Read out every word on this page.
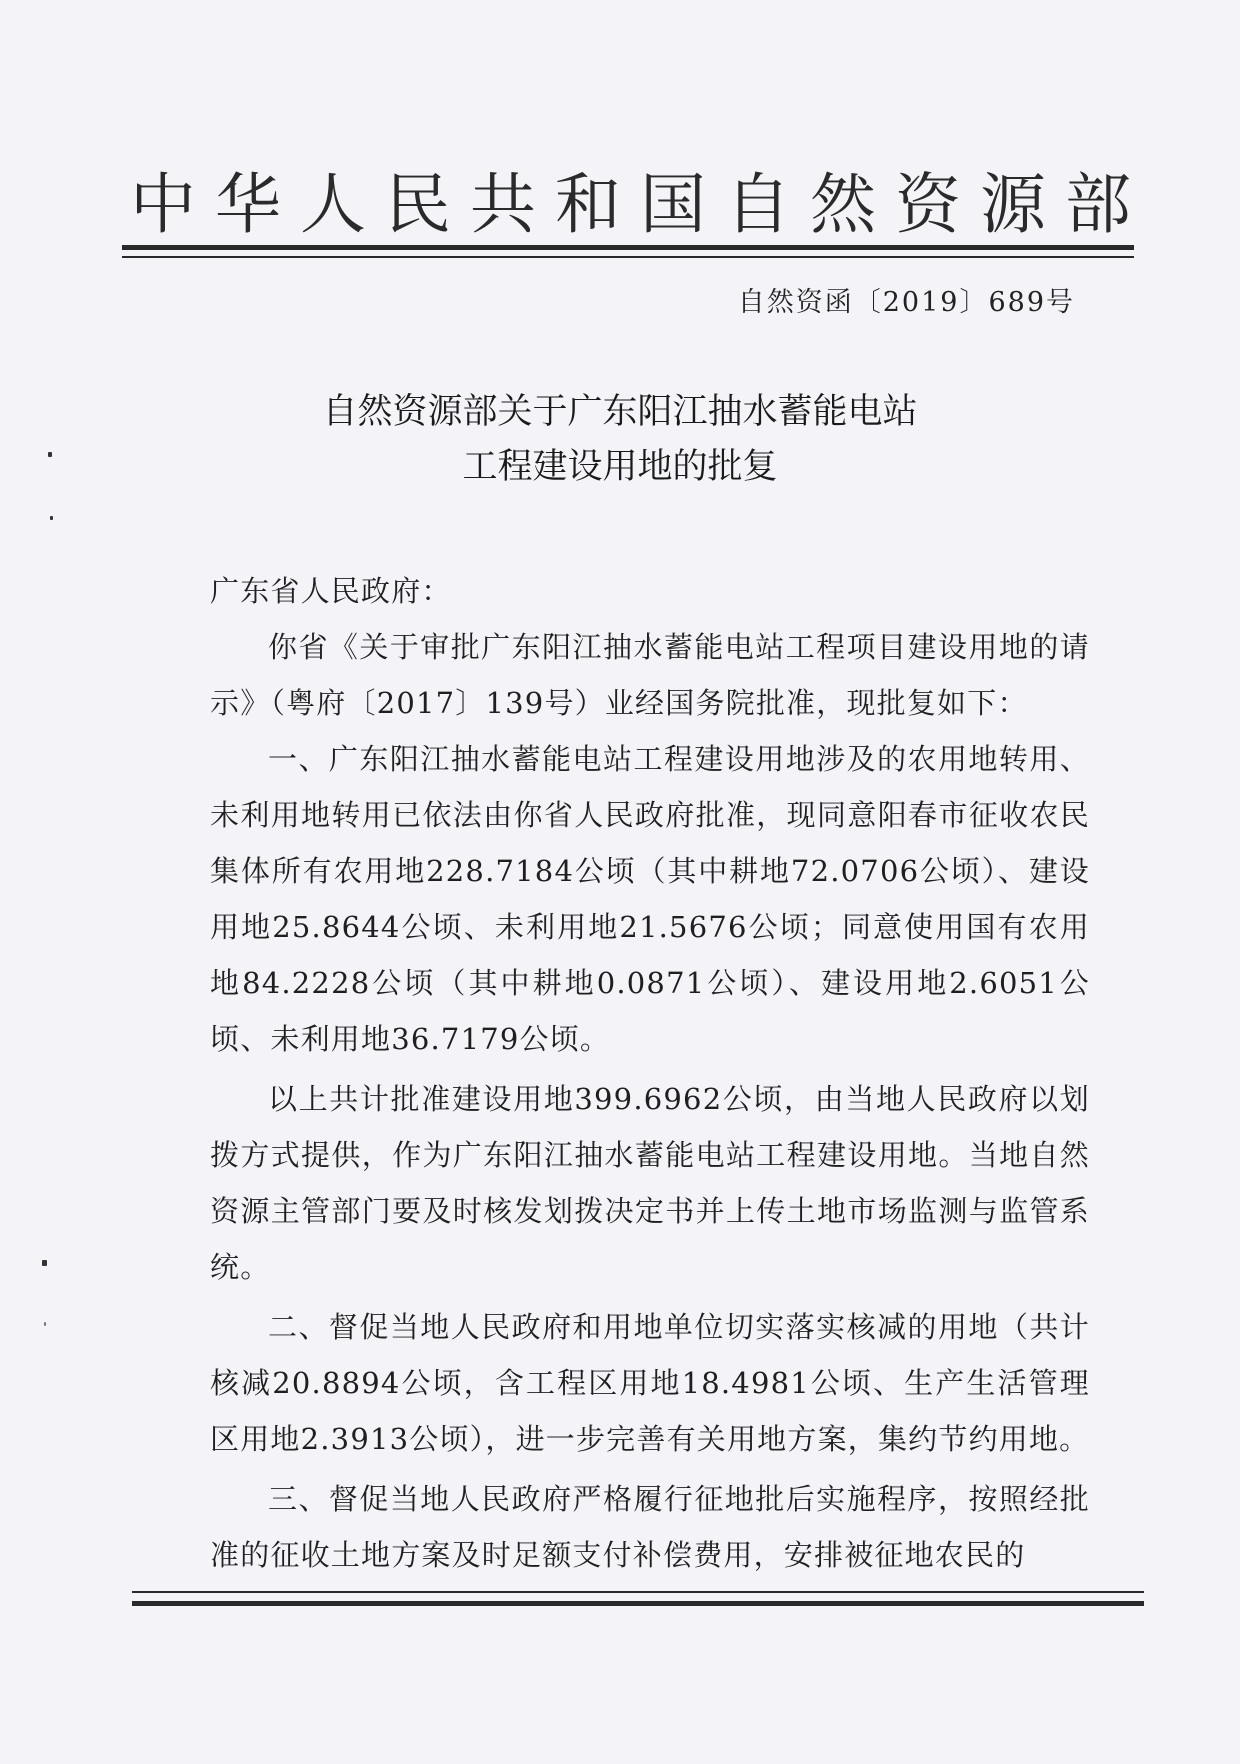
中华人民共和国自然资源部
自然资函〔2019〕689号
自然资源部关于广东阳江抽水蓄能电站
工程建设用地的批复

广东省人民政府：

你省《关于审批广东阳江抽水蓄能电站工程项目建设用地的请示》（粤府〔2017〕139号）业经国务院批准，现批复如下：

一、广东阳江抽水蓄能电站工程建设用地涉及的农用地转用、未利用地转用已依法由你省人民政府批准，现同意阳春市征收农民集体所有农用地228.7184公顷（其中耕地72.0706公顷）、建设用地25.8644公顷、未利用地21.5676公顷；同意使用国有农用地84.2228公顷（其中耕地0.0871公顷）、建设用地2.6051公顷、未利用地36.7179公顷。

以上共计批准建设用地399.6962公顷，由当地人民政府以划拨方式提供，作为广东阳江抽水蓄能电站工程建设用地。当地自然资源主管部门要及时核发划拨决定书并上传土地市场监测与监管系统。

二、督促当地人民政府和用地单位切实落实核减的用地（共计核减20.8894公顷，含工程区用地18.4981公顷、生产生活管理区用地2.3913公顷），进一步完善有关用地方案，集约节约用地。

三、督促当地人民政府严格履行征地批后实施程序，按照经批准的征收土地方案及时足额支付补偿费用，安排被征地农民的
